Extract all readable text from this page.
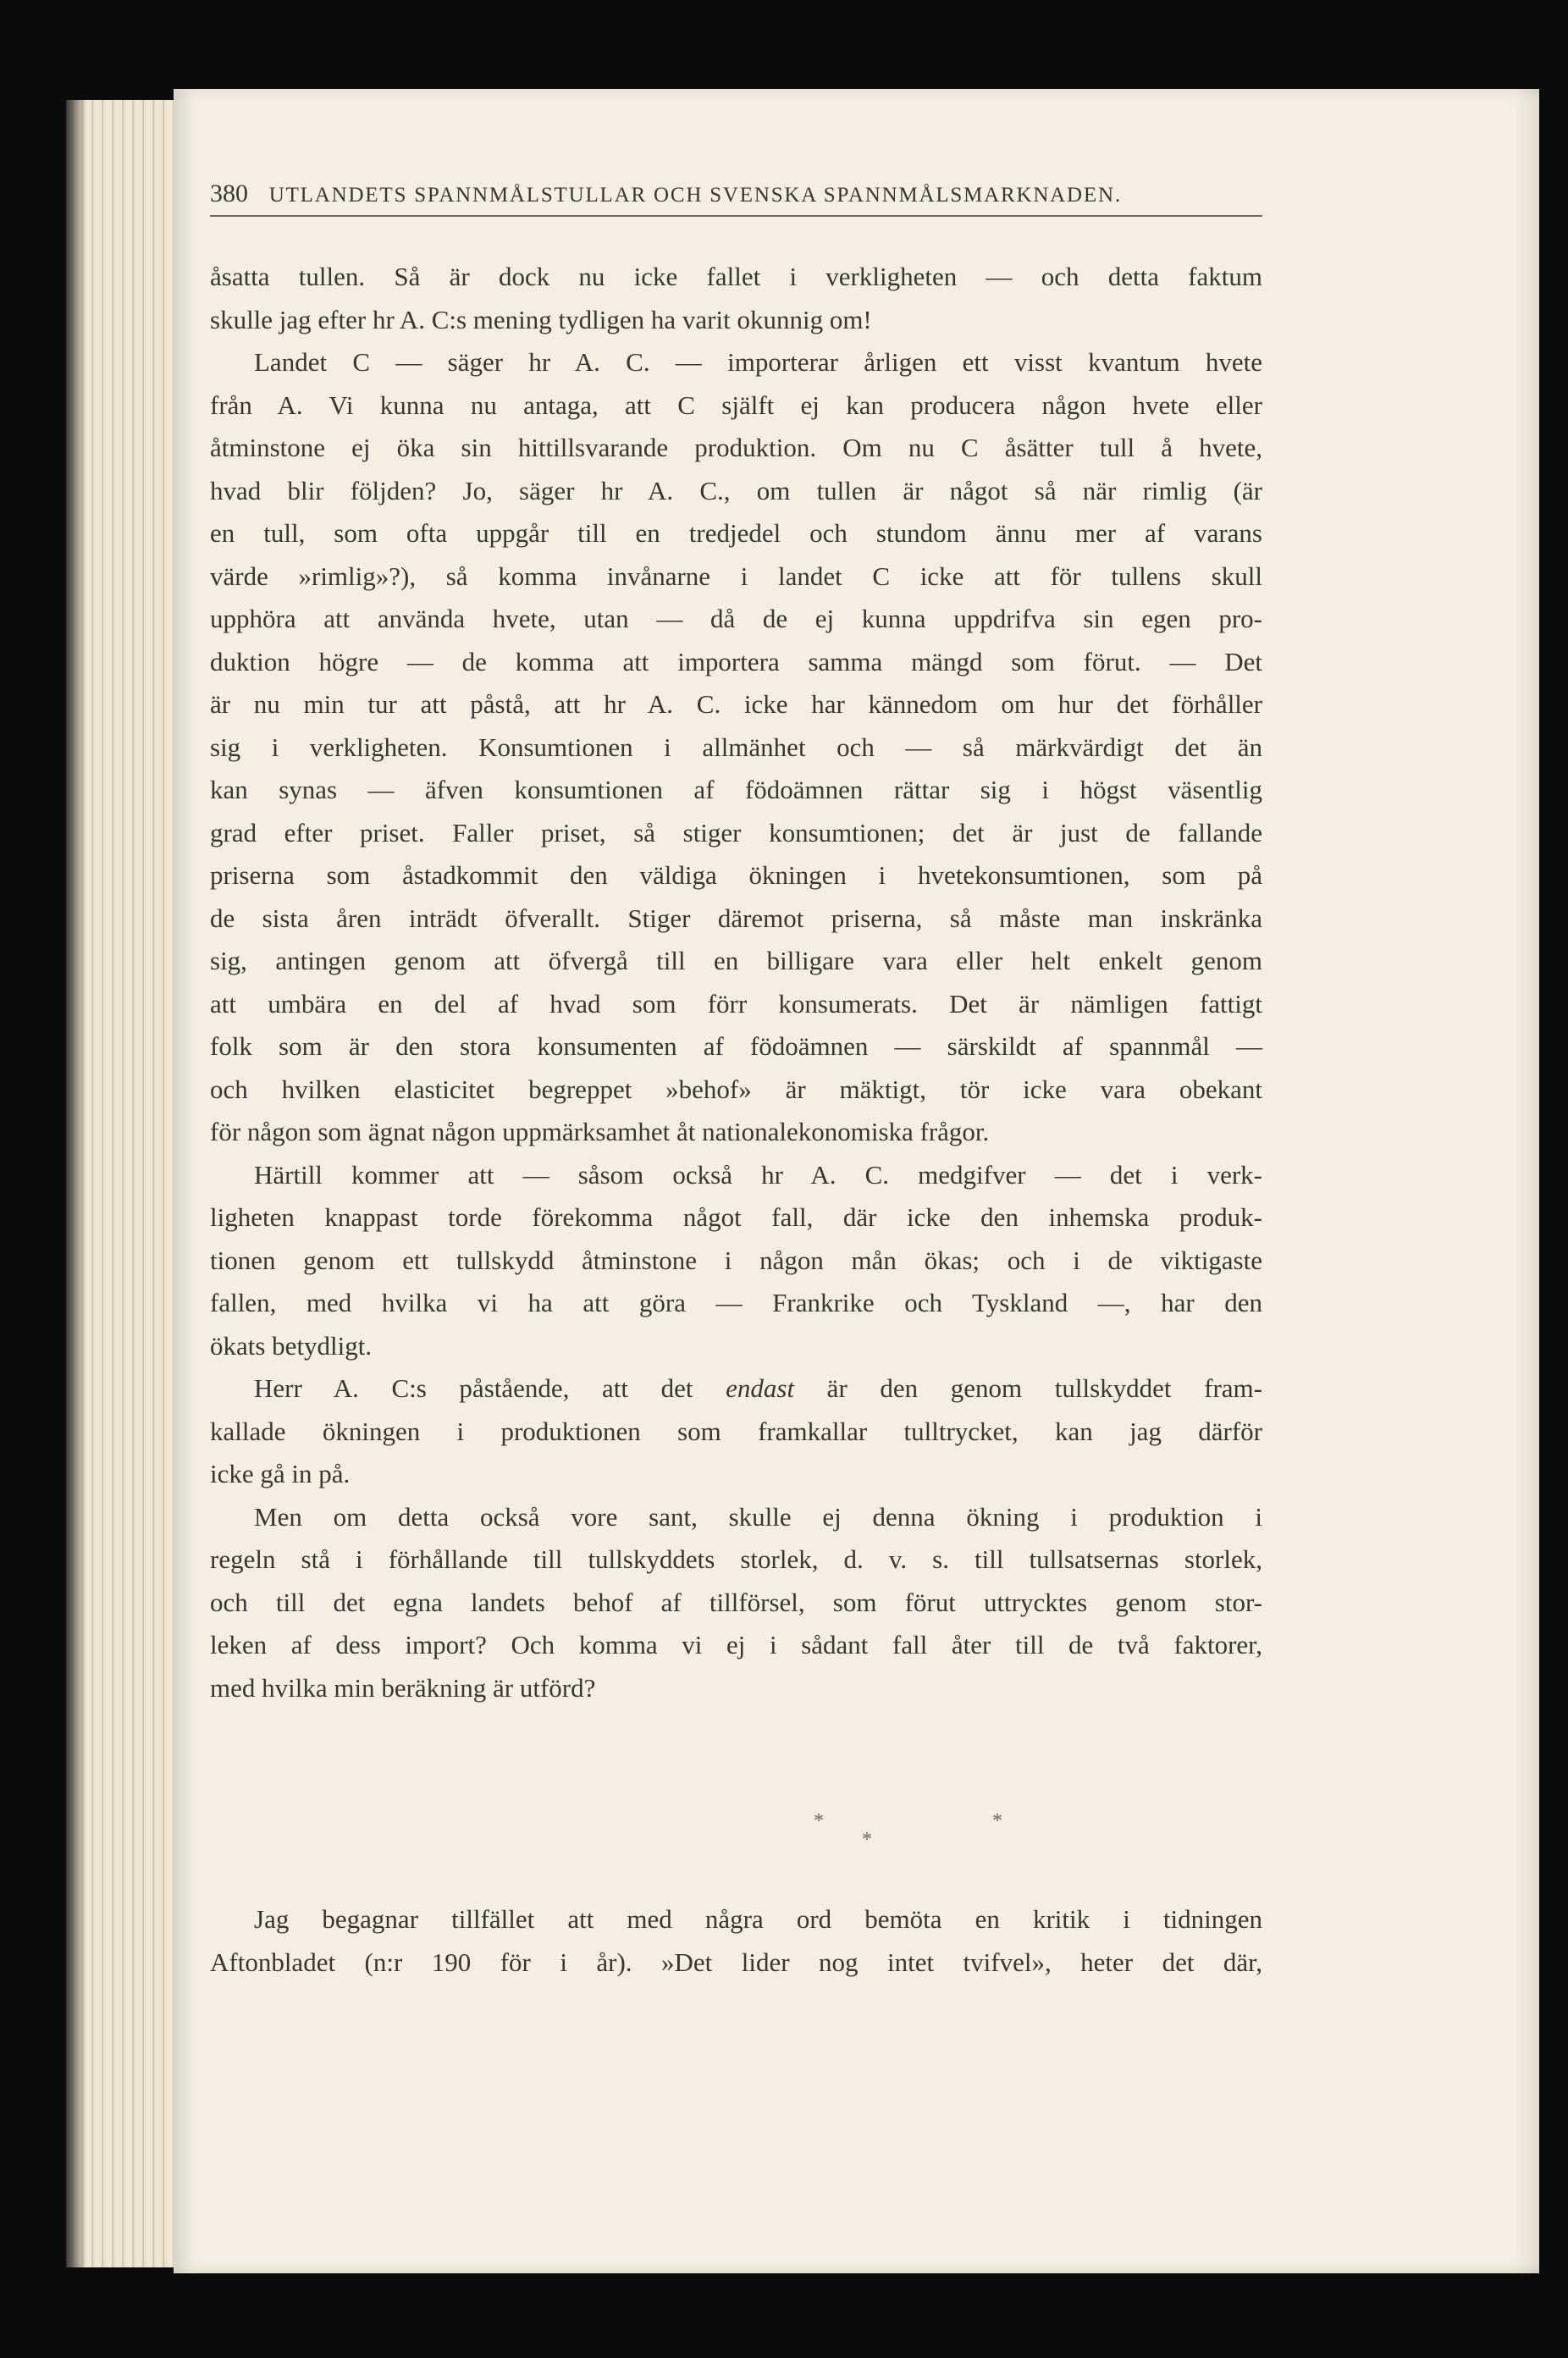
380 UTLANDETS SPANNMÅLSTULLAR OCH SVENSKA SPANNMÅLSMARKNADEN.
åsatta tullen. Så är dock nu icke fallet i verkligheten — och detta faktum
skulle jag efter hr A. C:s mening tydligen ha varit okunnig om!
Landet C — säger hr A. C. — importerar årligen ett visst kvantum hvete
från A. Vi kunna nu antaga, att C själft ej kan producera någon hvete eller
åtminstone ej öka sin hittillsvarande produktion. Om nu C åsätter tull å hvete,
hvad blir följden? Jo, säger hr A. C., om tullen är något så när rimlig (är
en tull, som ofta uppgår till en tredjedel och stundom ännu mer af varans
värde »rimlig»?), så komma invånarne i landet C icke att för tullens skull
upphöra att använda hvete, utan — då de ej kunna uppdrifva sin egen pro-
duktion högre — de komma att importera samma mängd som förut. — Det
är nu min tur att påstå, att hr A. C. icke har kännedom om hur det förhåller
sig i verkligheten. Konsumtionen i allmänhet och — så märkvärdigt det än
kan synas — äfven konsumtionen af födoämnen rättar sig i högst väsentlig
grad efter priset. Faller priset, så stiger konsumtionen; det är just de fallande
priserna som åstadkommit den väldiga ökningen i hvetekonsumtionen, som på
de sista åren inträdt öfverallt. Stiger däremot priserna, så måste man inskränka
sig, antingen genom att öfvergå till en billigare vara eller helt enkelt genom
att umbära en del af hvad som förr konsumerats. Det är nämligen fattigt
folk som är den stora konsumenten af födoämnen — särskildt af spannmål —
och hvilken elasticitet begreppet »behof» är mäktigt, tör icke vara obekant
för någon som ägnat någon uppmärksamhet åt nationalekonomiska frågor.
Härtill kommer att — såsom också hr A. C. medgifver — det i verk-
ligheten knappast torde förekomma något fall, där icke den inhemska produk-
tionen genom ett tullskydd åtminstone i någon mån ökas; och i de viktigaste
fallen, med hvilka vi ha att göra — Frankrike och Tyskland —, har den
ökats betydligt.
Herr A. C:s påstående, att det endast är den genom tullskyddet fram-
kallade ökningen i produktionen som framkallar tulltrycket, kan jag därför
icke gå in på.
Men om detta också vore sant, skulle ej denna ökning i produktion i
regeln stå i förhållande till tullskyddets storlek, d. v. s. till tullsatsernas storlek,
och till det egna landets behof af tillförsel, som förut uttrycktes genom stor-
leken af dess import? Och komma vi ej i sådant fall åter till de två faktorer,
med hvilka min beräkning är utförd?
*
*
*
Jag begagnar tillfället att med några ord bemöta en kritik i tidningen
Aftonbladet (n:r 190 för i år). »Det lider nog intet tvifvel», heter det där,
